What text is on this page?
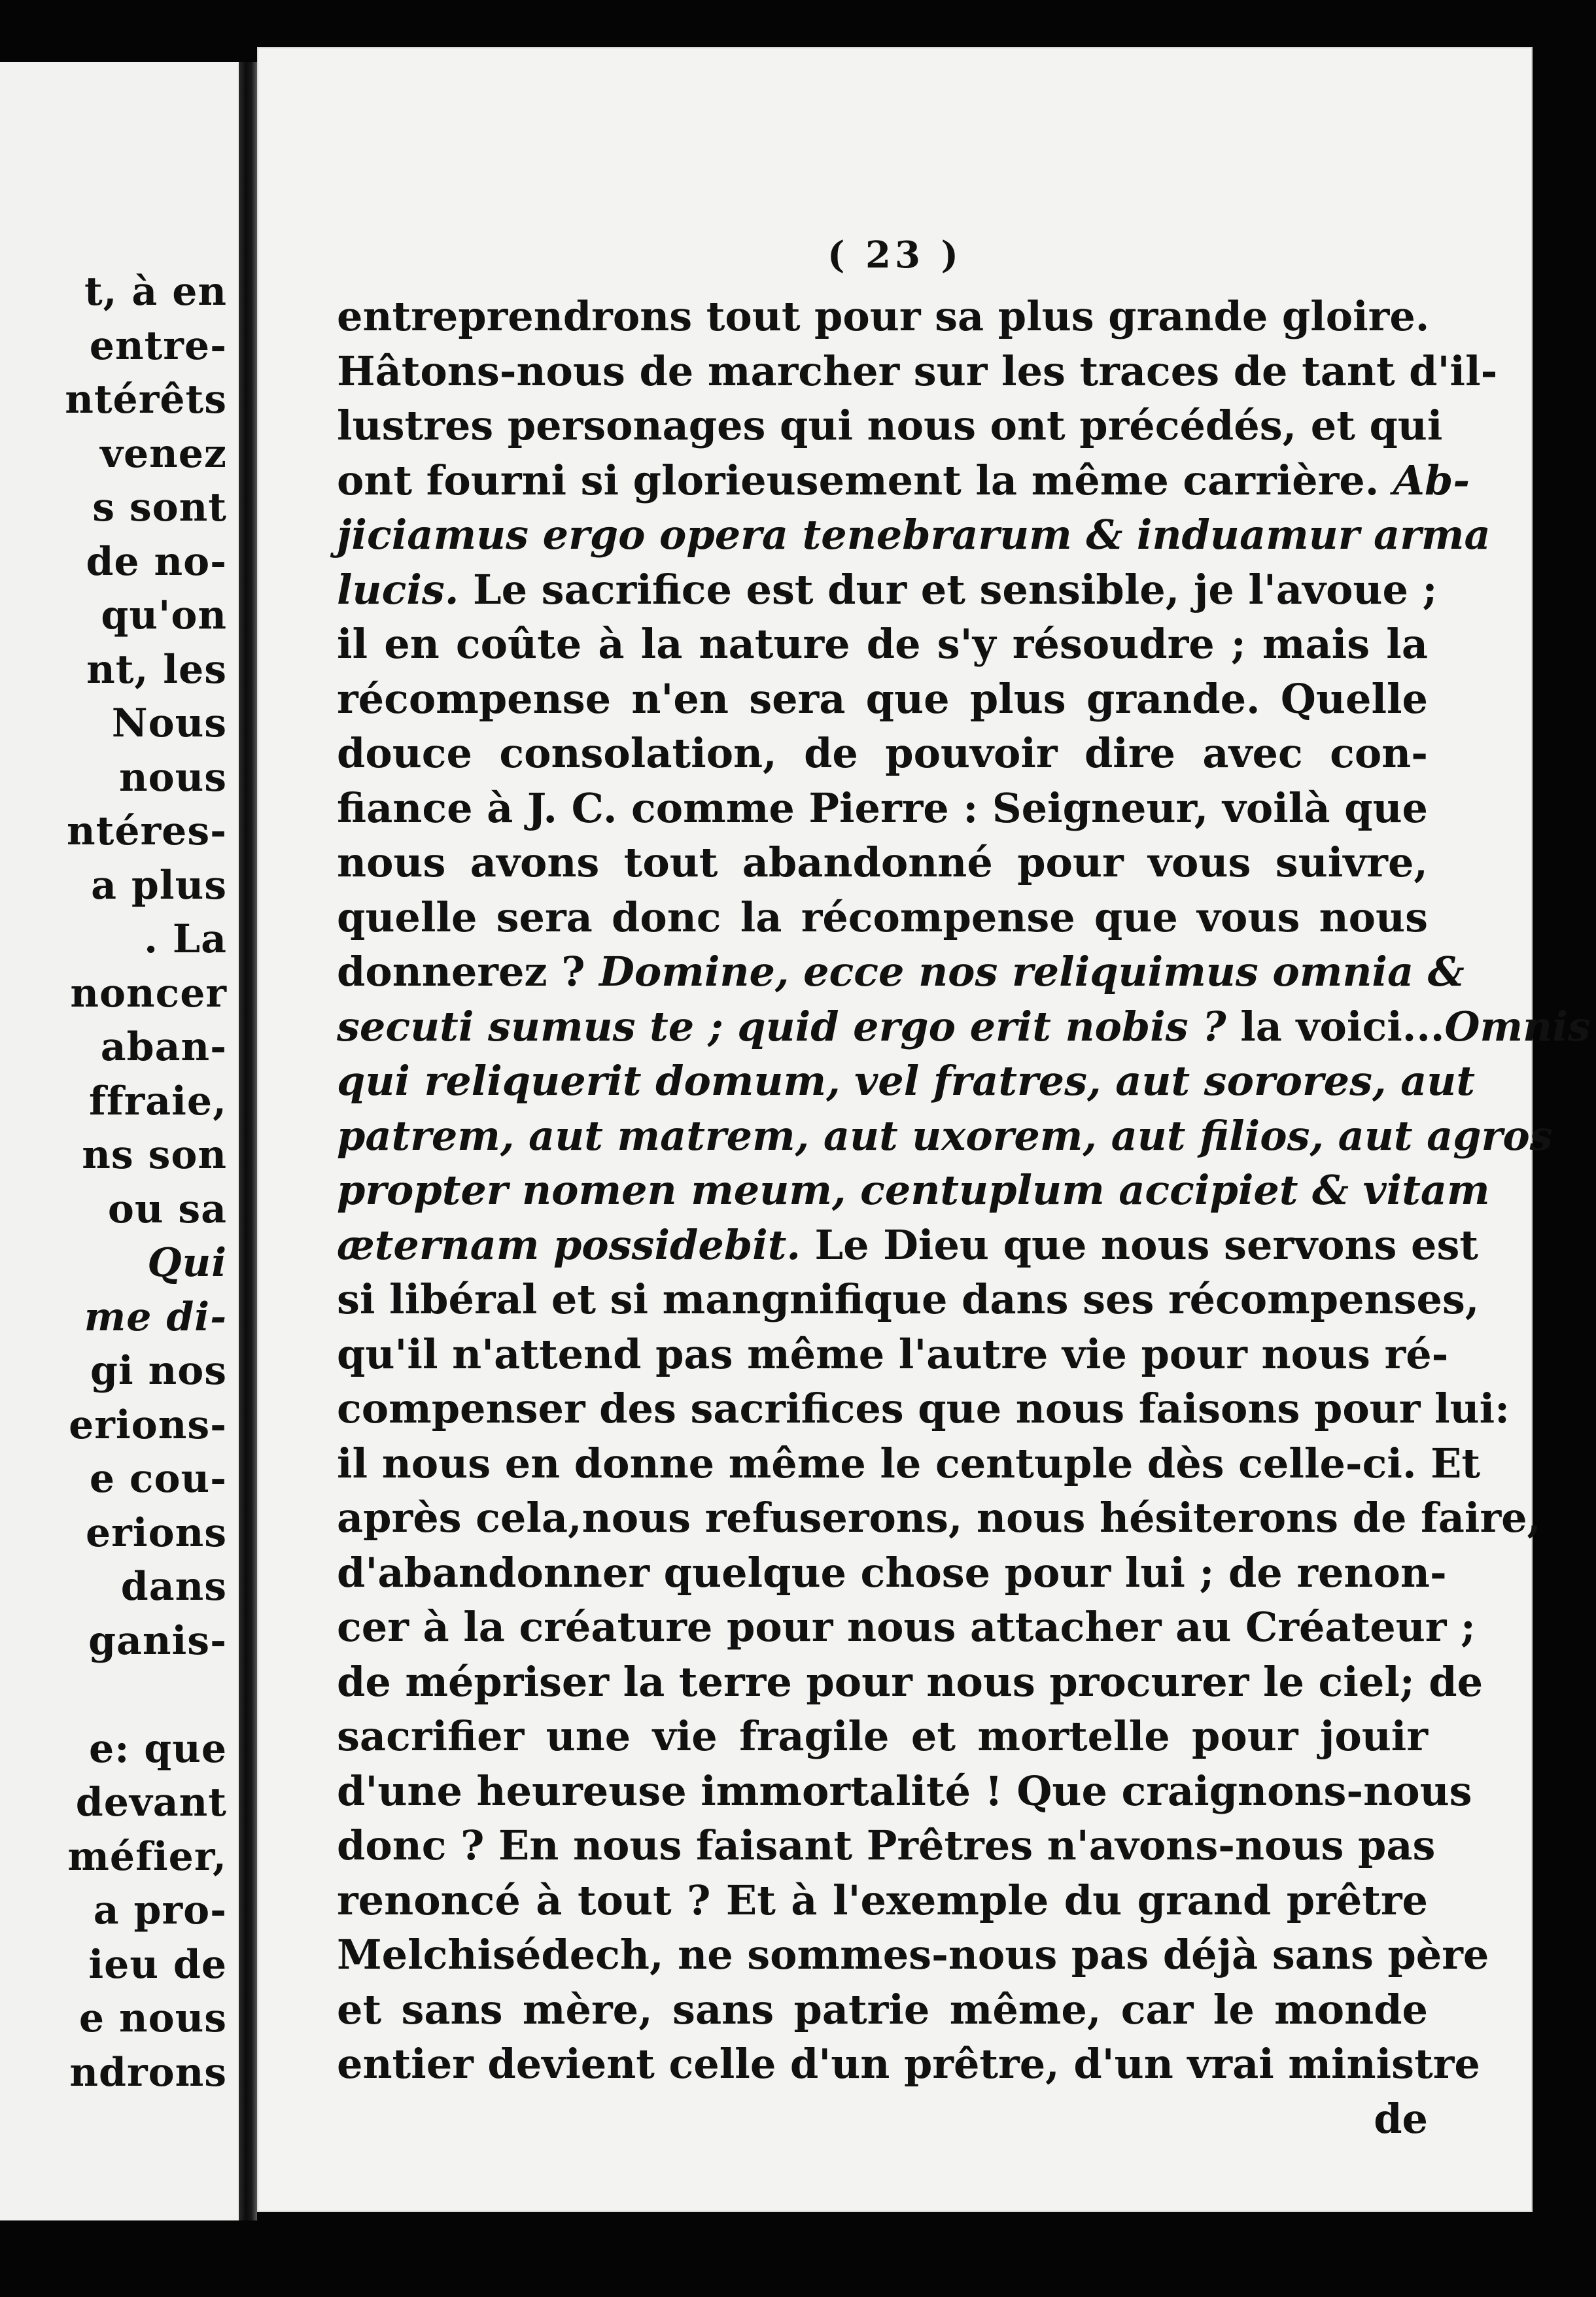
t, à en
entre-
ntérêts
venez
s sont
de no-
qu'on
nt, les
Nous
nous
ntéres-
a plus
. La
noncer
aban-
ffraie,
ns son
ou sa
Qui
me di-
gi nos
erions-
e cou-
erions
dans
ganis-
e: que
devant
méfier,
a pro-
ieu de
e nous
ndrons
( 23 )
entreprendrons tout pour sa plus grande gloire.
Hâtons-nous de marcher sur les traces de tant d'il-
lustres personages qui nous ont précédés, et qui
ont fourni si glorieusement la même carrière. Ab-
jiciamus ergo opera tenebrarum & induamur arma
lucis. Le sacrifice est dur et sensible, je l'avoue ;
il en coûte à la nature de s'y résoudre ; mais la
récompense n'en sera que plus grande. Quelle
douce consolation, de pouvoir dire avec con-
fiance à J. C. comme Pierre : Seigneur, voilà que
nous avons tout abandonné pour vous suivre,
quelle sera donc la récompense que vous nous
donnerez ? Domine, ecce nos reliquimus omnia &
secuti sumus te ; quid ergo erit nobis ? la voici...Omnis
qui reliquerit domum, vel fratres, aut sorores, aut
patrem, aut matrem, aut uxorem, aut filios, aut agros
propter nomen meum, centuplum accipiet & vitam
æternam possidebit. Le Dieu que nous servons est
si libéral et si mangnifique dans ses récompenses,
qu'il n'attend pas même l'autre vie pour nous ré-
compenser des sacrifices que nous faisons pour lui:
il nous en donne même le centuple dès celle-ci. Et
après cela,nous refuserons, nous hésiterons de faire,
d'abandonner quelque chose pour lui ; de renon-
cer à la créature pour nous attacher au Créateur ;
de mépriser la terre pour nous procurer le ciel; de
sacrifier une vie fragile et mortelle pour jouir
d'une heureuse immortalité ! Que craignons-nous
donc ? En nous faisant Prêtres n'avons-nous pas
renoncé à tout ? Et à l'exemple du grand prêtre
Melchisédech, ne sommes-nous pas déjà sans père
et sans mère, sans patrie même, car le monde
entier devient celle d'un prêtre, d'un vrai ministre
de
